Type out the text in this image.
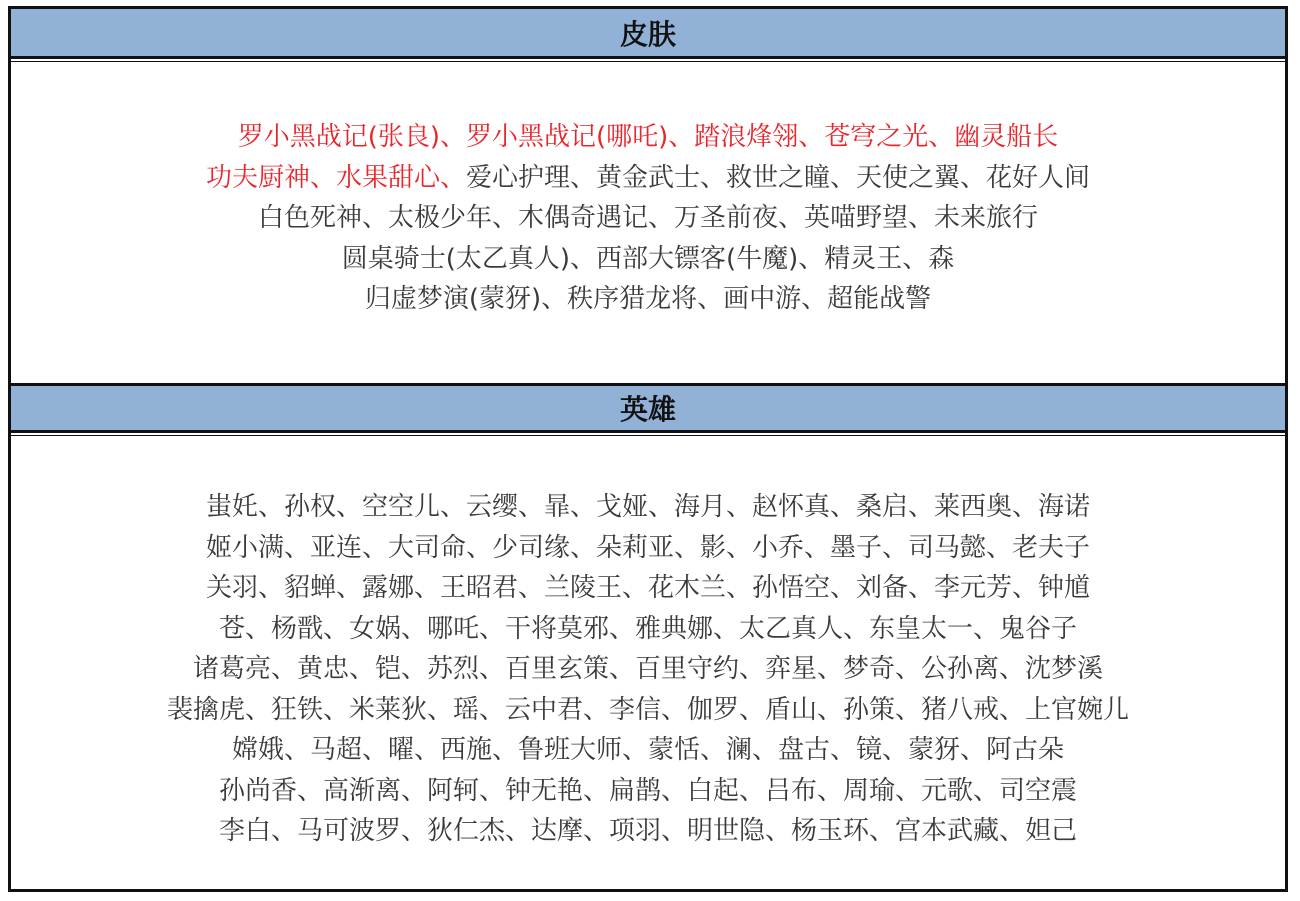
皮肤
罗小黑战记(张良)、罗小黑战记(哪吒)、踏浪烽翎、苍穹之光、幽灵船长
功夫厨神、水果甜心、爱心护理、黄金武士、救世之瞳、天使之翼、花好人间
白色死神、太极少年、木偶奇遇记、万圣前夜、英喵野望、未来旅行
圆桌骑士(太乙真人)、西部大镖客(牛魔)、精灵王、森
归虚梦演(蒙犽)、秩序猎龙将、画中游、超能战警
英雄
蚩奼、孙权、空空儿、云缨、暃、戈娅、海月、赵怀真、桑启、莱西奥、海诺
姬小满、亚连、大司命、少司缘、朵莉亚、影、小乔、墨子、司马懿、老夫子
关羽、貂蝉、露娜、王昭君、兰陵王、花木兰、孙悟空、刘备、李元芳、钟馗
苍、杨戬、女娲、哪吒、干将莫邪、雅典娜、太乙真人、东皇太一、鬼谷子
诸葛亮、黄忠、铠、苏烈、百里玄策、百里守约、弈星、梦奇、公孙离、沈梦溪
裴擒虎、狂铁、米莱狄、瑶、云中君、李信、伽罗、盾山、孙策、猪八戒、上官婉儿
嫦娥、马超、曜、西施、鲁班大师、蒙恬、澜、盘古、镜、蒙犽、阿古朵
孙尚香、高渐离、阿轲、钟无艳、扁鹊、白起、吕布、周瑜、元歌、司空震
李白、马可波罗、狄仁杰、达摩、项羽、明世隐、杨玉环、宫本武藏、妲己
